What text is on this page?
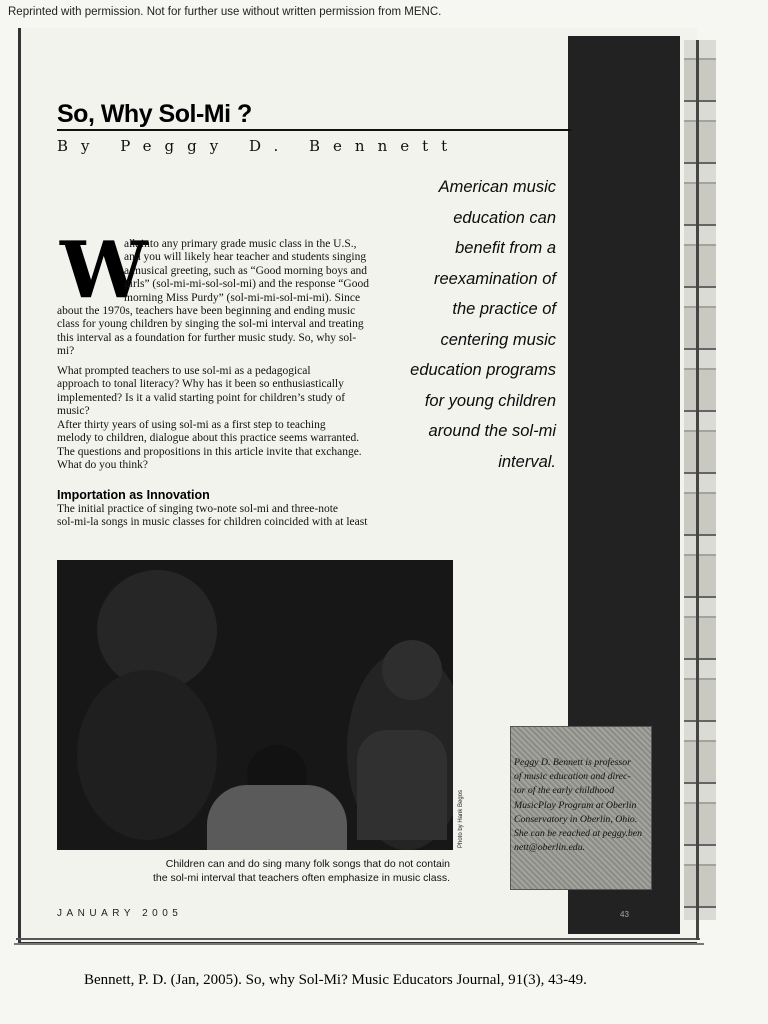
Reprinted with permission. Not for further use without written permission from MENC.
So, Why Sol-Mi ?
By Peggy D. Bennett
American music
education can
benefit from a
reexamination of
the practice of
centering music
education programs
for young children
around the sol-mi
interval.
W
alk into any primary grade music class in the U.S.,
and you will likely hear teacher and students singing
a musical greeting, such as “Good morning boys and
girls” (sol-mi-mi-sol-sol-mi) and the response “Good
morning Miss Purdy” (sol-mi-mi-sol-mi-mi). Since
about the 1970s, teachers have been beginning and ending music
class for young children by singing the sol-mi interval and treating
this interval as a foundation for further music study. So, why sol-
mi?
What prompted teachers to use sol-mi as a pedagogical
approach to tonal literacy? Why has it been so enthusiastically
implemented? Is it a valid starting point for children’s study of
music?
After thirty years of using sol-mi as a first step to teaching
melody to children, dialogue about this practice seems warranted.
The questions and propositions in this article invite that exchange.
What do you think?
Importation as Innovation
The initial practice of singing two-note sol-mi and three-note
sol-mi-la songs in music classes for children coincided with at least
Photo by Hank Begos
Children can and do sing many folk songs that do not contain
the sol-mi interval that teachers often emphasize in music class.
JANUARY 2005
Peggy D. Bennett is professor
of music education and direc-
tor of the early childhood
MusicPlay Program at Oberlin
Conservatory in Oberlin, Ohio.
She can be reached at peggy.ben
nett@oberlin.edu.
43
Bennett, P. D. (Jan, 2005). So, why Sol-Mi? Music Educators Journal, 91(3), 43-49.
